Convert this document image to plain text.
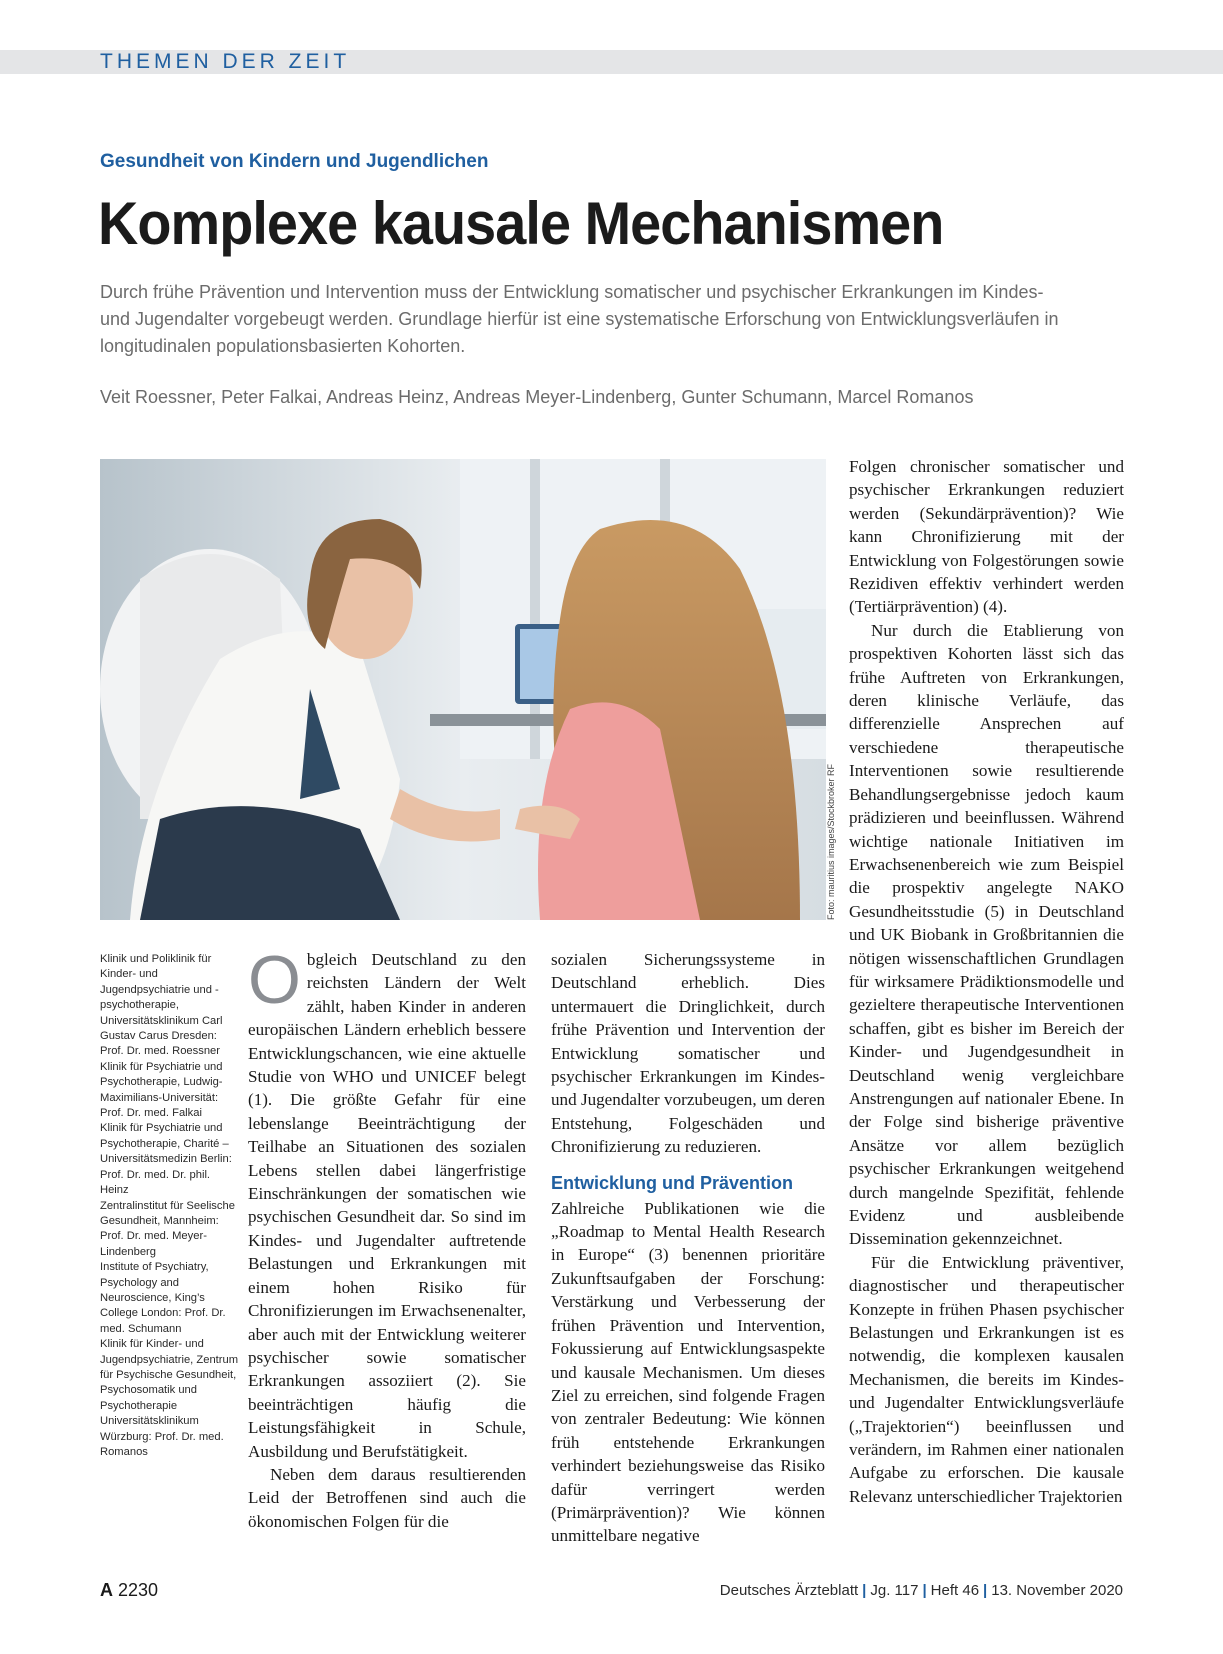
THEMEN DER ZEIT
Gesundheit von Kindern und Jugendlichen
Komplexe kausale Mechanismen

Durch frühe Prävention und Intervention muss der Entwicklung somatischer und psychischer Erkrankungen im Kindes- und Jugendalter vorgebeugt werden. Grundlage hierfür ist eine systematische Erforschung von Entwicklungsverläufen in longitudinalen populationsbasierten Kohorten.

Veit Roessner, Peter Falkai, Andreas Heinz, Andreas Meyer-Lindenberg, Gunter Schumann, Marcel Romanos

Foto: mauritius images/Stockbroker RF

Klinik und Poliklinik für Kinder- und Jugendpsychiatrie und -psychotherapie, Universitätsklinikum Carl Gustav Carus Dresden: Prof. Dr. med. Roessner

Klinik für Psychiatrie und Psychotherapie, Ludwig-Maximilians-Universität: Prof. Dr. med. Falkai

Klinik für Psychiatrie und Psychotherapie, Charité – Universitätsmedizin Berlin: Prof. Dr. med. Dr. phil. Heinz

Zentralinstitut für Seelische Gesundheit, Mannheim: Prof. Dr. med. Meyer-Lindenberg

Institute of Psychiatry, Psychology and Neuroscience, King’s College London: Prof. Dr. med. Schumann

Klinik für Kinder- und Jugendpsychiatrie, Zentrum für Psychische Gesundheit, Psychosomatik und Psychotherapie Universitätsklinikum Würzburg: Prof. Dr. med. Romanos

O bgleich Deutschland zu den reichsten Ländern der Welt zählt, haben Kinder in anderen europäischen Ländern erheblich bessere Entwicklungschancen, wie eine aktuelle Studie von WHO und UNICEF belegt (1). Die größte Gefahr für eine lebenslange Beeinträchtigung der Teilhabe an Situationen des sozialen Lebens stellen dabei längerfristige Einschränkungen der somatischen wie psychischen Gesundheit dar. So sind im Kindes- und Jugendalter auftretende Belastungen und Erkrankungen mit einem hohen Risiko für Chronifizierungen im Erwachsenenalter, aber auch mit der Entwicklung weiterer psychischer sowie somatischer Erkrankungen assoziiert (2). Sie beeinträchtigen häufig die Leistungsfähigkeit in Schule, Ausbildung und Berufstätigkeit.

Neben dem daraus resultierenden Leid der Betroffenen sind auch die ökonomischen Folgen für die

sozialen Sicherungssysteme in Deutschland erheblich. Dies untermauert die Dringlichkeit, durch frühe Prävention und Intervention der Entwicklung somatischer und psychischer Erkrankungen im Kindes- und Jugendalter vorzubeugen, um deren Entstehung, Folgeschäden und Chronifizierung zu reduzieren.

Entwicklung und Prävention

Zahlreiche Publikationen wie die „Roadmap to Mental Health Research in Europe“ (3) benennen prioritäre Zukunftsaufgaben der Forschung: Verstärkung und Verbesserung der frühen Prävention und Intervention, Fokussierung auf Entwicklungsaspekte und kausale Mechanismen. Um dieses Ziel zu erreichen, sind folgende Fragen von zentraler Bedeutung: Wie können früh entstehende Erkrankungen verhindert beziehungsweise das Risiko dafür verringert werden (Primärprävention)? Wie können unmittelbare negative

Folgen chronischer somatischer und psychischer Erkrankungen reduziert werden (Sekundärprävention)? Wie kann Chronifizierung mit der Entwicklung von Folgestörungen sowie Rezidiven effektiv verhindert werden (Tertiärprävention) (4).

Nur durch die Etablierung von prospektiven Kohorten lässt sich das frühe Auftreten von Erkrankungen, deren klinische Verläufe, das differenzielle Ansprechen auf verschiedene therapeutische Interventionen sowie resultierende Behandlungsergebnisse jedoch kaum prädizieren und beeinflussen. Während wichtige nationale Initiativen im Erwachsenenbereich wie zum Beispiel die prospektiv angelegte NAKO Gesundheitsstudie (5) in Deutschland und UK Biobank in Großbritannien die nötigen wissenschaftlichen Grundlagen für wirksamere Prädiktionsmodelle und gezieltere therapeutische Interventionen schaffen, gibt es bisher im Bereich der Kinder- und Jugendgesundheit in Deutschland wenig vergleichbare Anstrengungen auf nationaler Ebene. In der Folge sind bisherige präventive Ansätze vor allem bezüglich psychischer Erkrankungen weitgehend durch mangelnde Spezifität, fehlende Evidenz und ausbleibende Dissemination gekennzeichnet.

Für die Entwicklung präventiver, diagnostischer und therapeutischer Konzepte in frühen Phasen psychischer Belastungen und Erkrankungen ist es notwendig, die komplexen kausalen Mechanismen, die bereits im Kindes- und Jugendalter Entwicklungsverläufe („Trajektorien“) beeinflussen und verändern, im Rahmen einer nationalen Aufgabe zu erforschen. Die kausale Relevanz unterschiedlicher Trajektorien

A 2230	Deutsches Ärzteblatt | Jg. 117 | Heft 46 | 13. November 2020
